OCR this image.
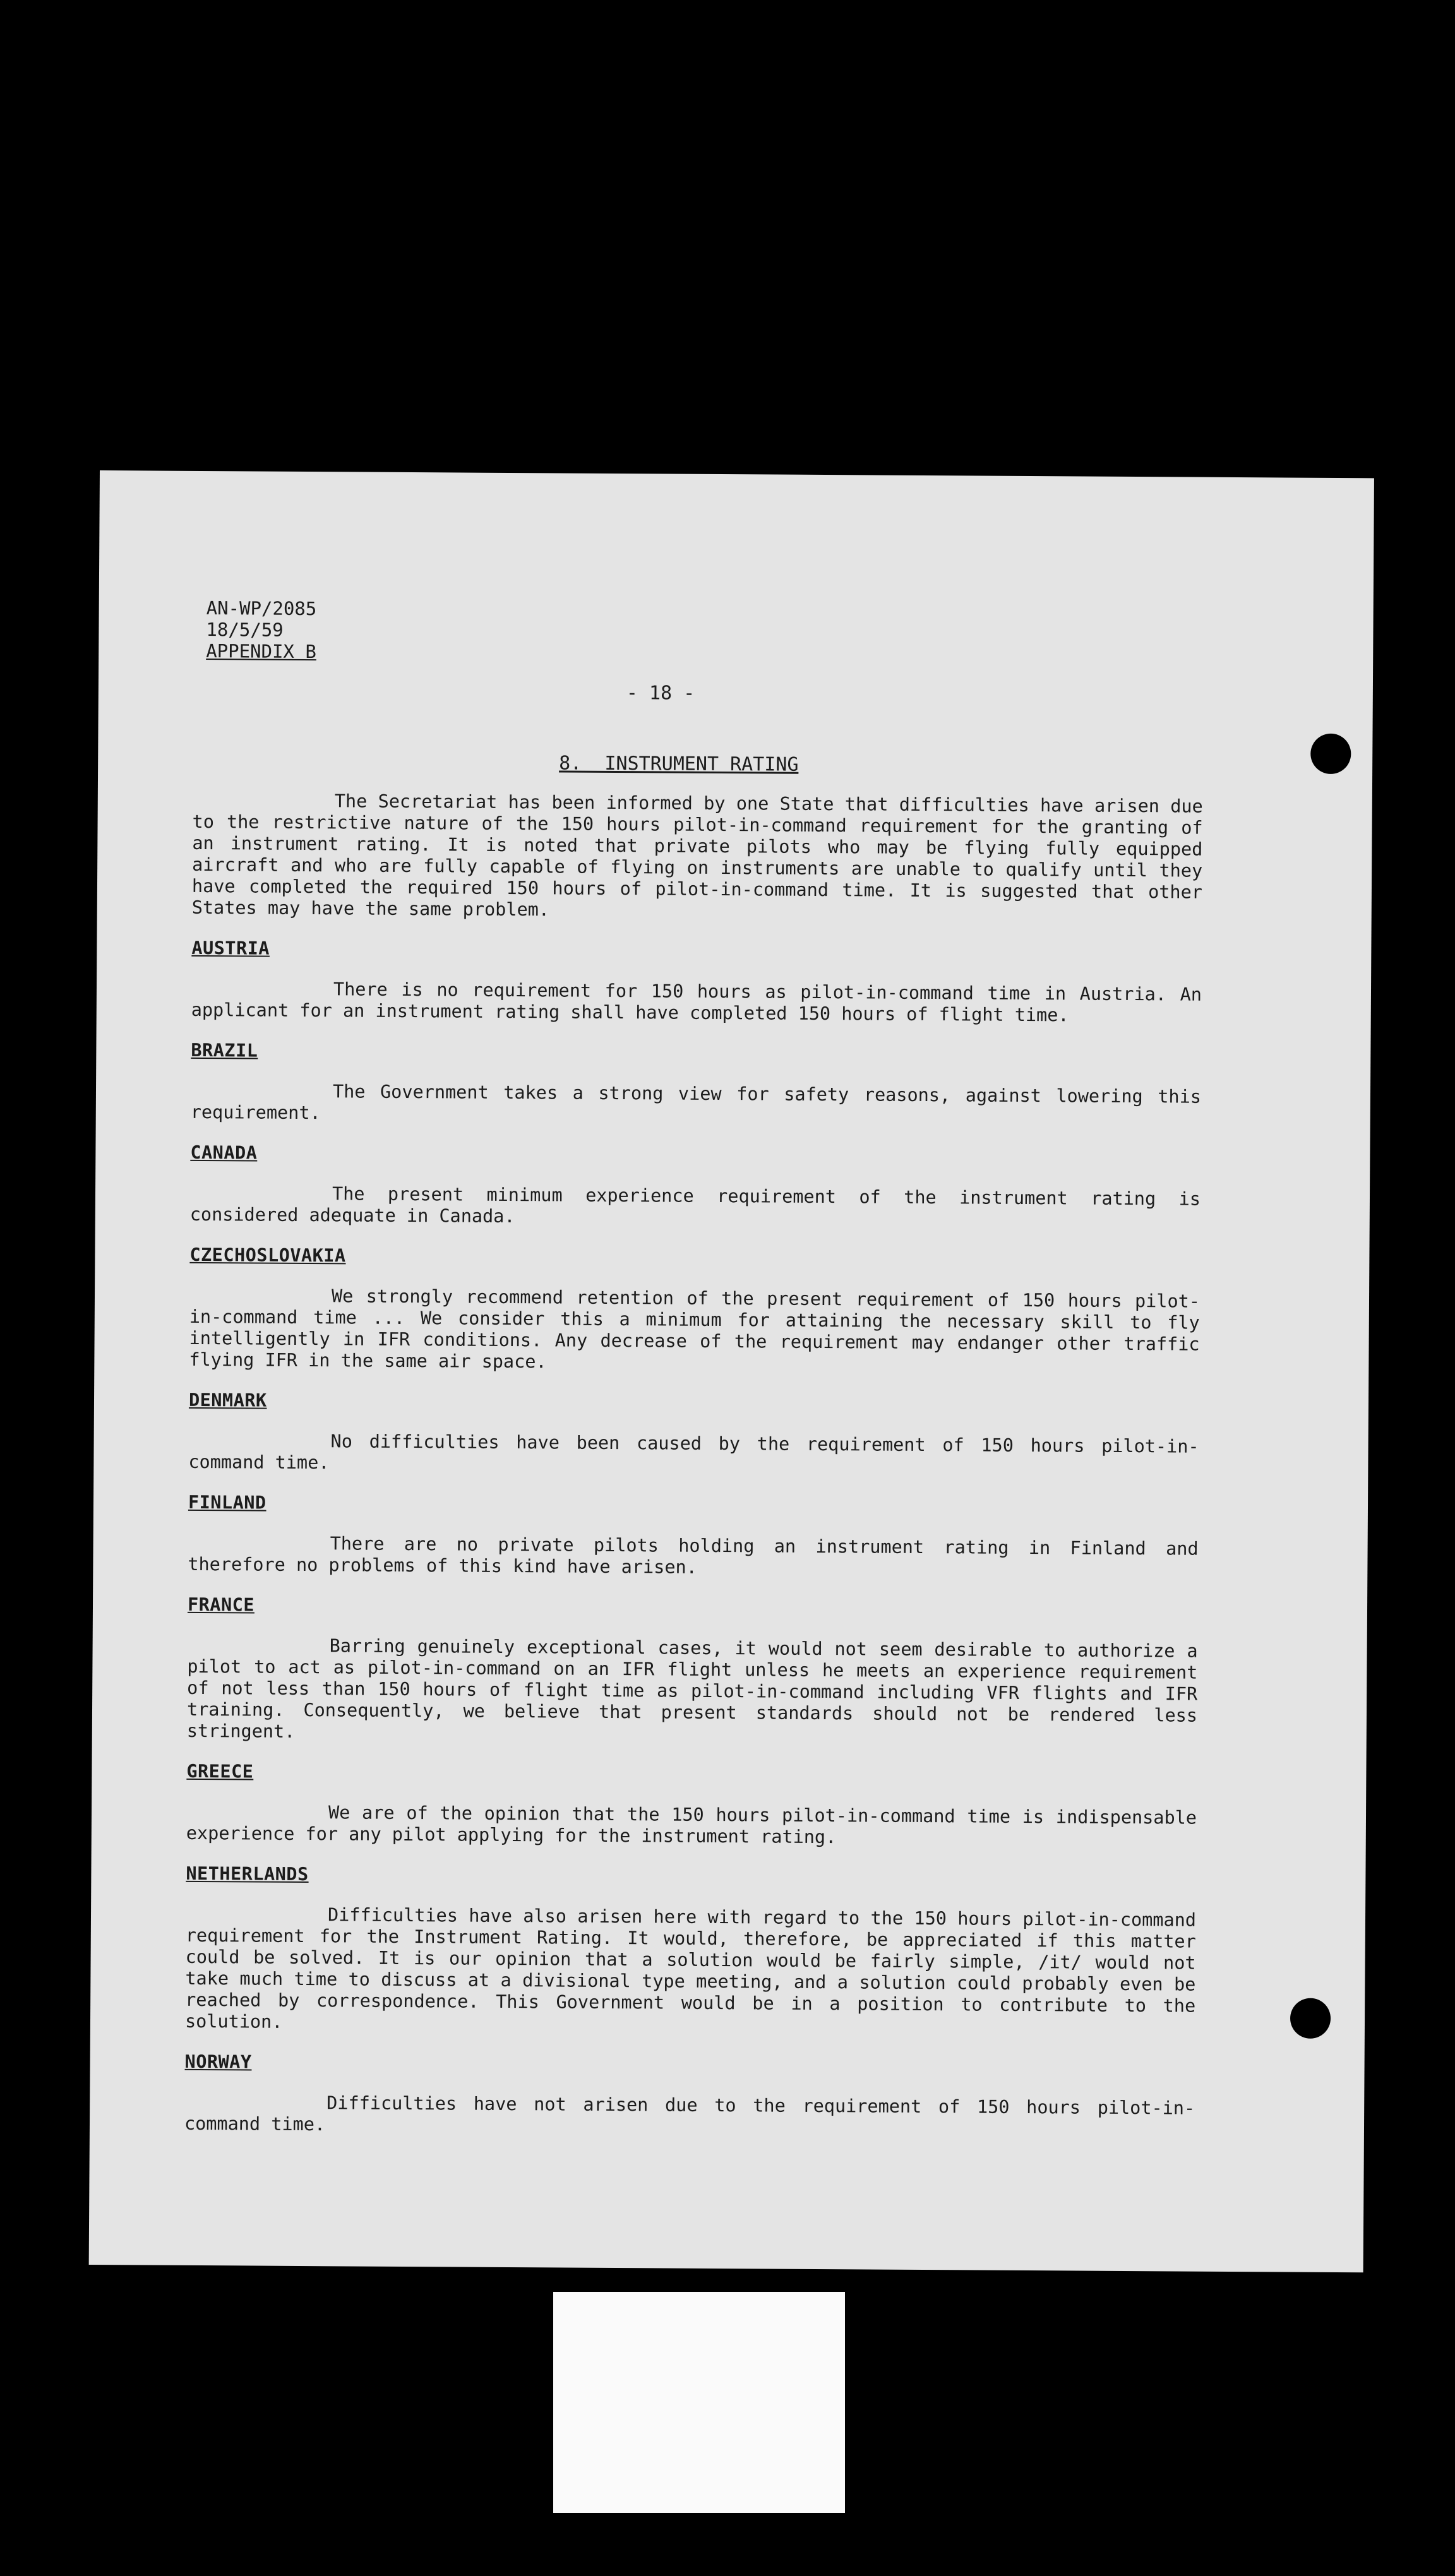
AN-WP/2085
18/5/59
APPENDIX B
- 18 -
8.  INSTRUMENT RATING

The Secretariat has been informed by one State that difficulties have arisen due to the restrictive nature of the 150 hours pilot-in-command requirement for the granting of an instrument rating. It is noted that private pilots who may be flying fully equipped aircraft and who are fully capable of flying on instruments are unable to qualify until they have completed the required 150 hours of pilot-in-command time. It is suggested that other States may have the same problem.

AUSTRIA

There is no requirement for 150 hours as pilot-in-command time in Austria. An applicant for an instrument rating shall have completed 150 hours of flight time.

BRAZIL

The Government takes a strong view for safety reasons, against lowering this requirement.

CANADA

The present minimum experience requirement of the instrument rating is considered adequate in Canada.

CZECHOSLOVAKIA

We strongly recommend retention of the present requirement of 150 hours pilot-in-command time ... We consider this a minimum for attaining the necessary skill to fly intelligently in IFR conditions. Any decrease of the requirement may endanger other traffic flying IFR in the same air space.

DENMARK

No difficulties have been caused by the requirement of 150 hours pilot-in-command time.

FINLAND

There are no private pilots holding an instrument rating in Finland and therefore no problems of this kind have arisen.

FRANCE

Barring genuinely exceptional cases, it would not seem desirable to authorize a pilot to act as pilot-in-command on an IFR flight unless he meets an experience requirement of not less than 150 hours of flight time as pilot-in-command including VFR flights and IFR training. Consequently, we believe that present standards should not be rendered less stringent.

GREECE

We are of the opinion that the 150 hours pilot-in-command time is indispensable experience for any pilot applying for the instrument rating.

NETHERLANDS

Difficulties have also arisen here with regard to the 150 hours pilot-in-command requirement for the Instrument Rating. It would, therefore, be appreciated if this matter could be solved. It is our opinion that a solution would be fairly simple, /it/ would not take much time to discuss at a divisional type meeting, and a solution could probably even be reached by correspondence. This Government would be in a position to contribute to the solution.

NORWAY

Difficulties have not arisen due to the requirement of 150 hours pilot-in-command time.
